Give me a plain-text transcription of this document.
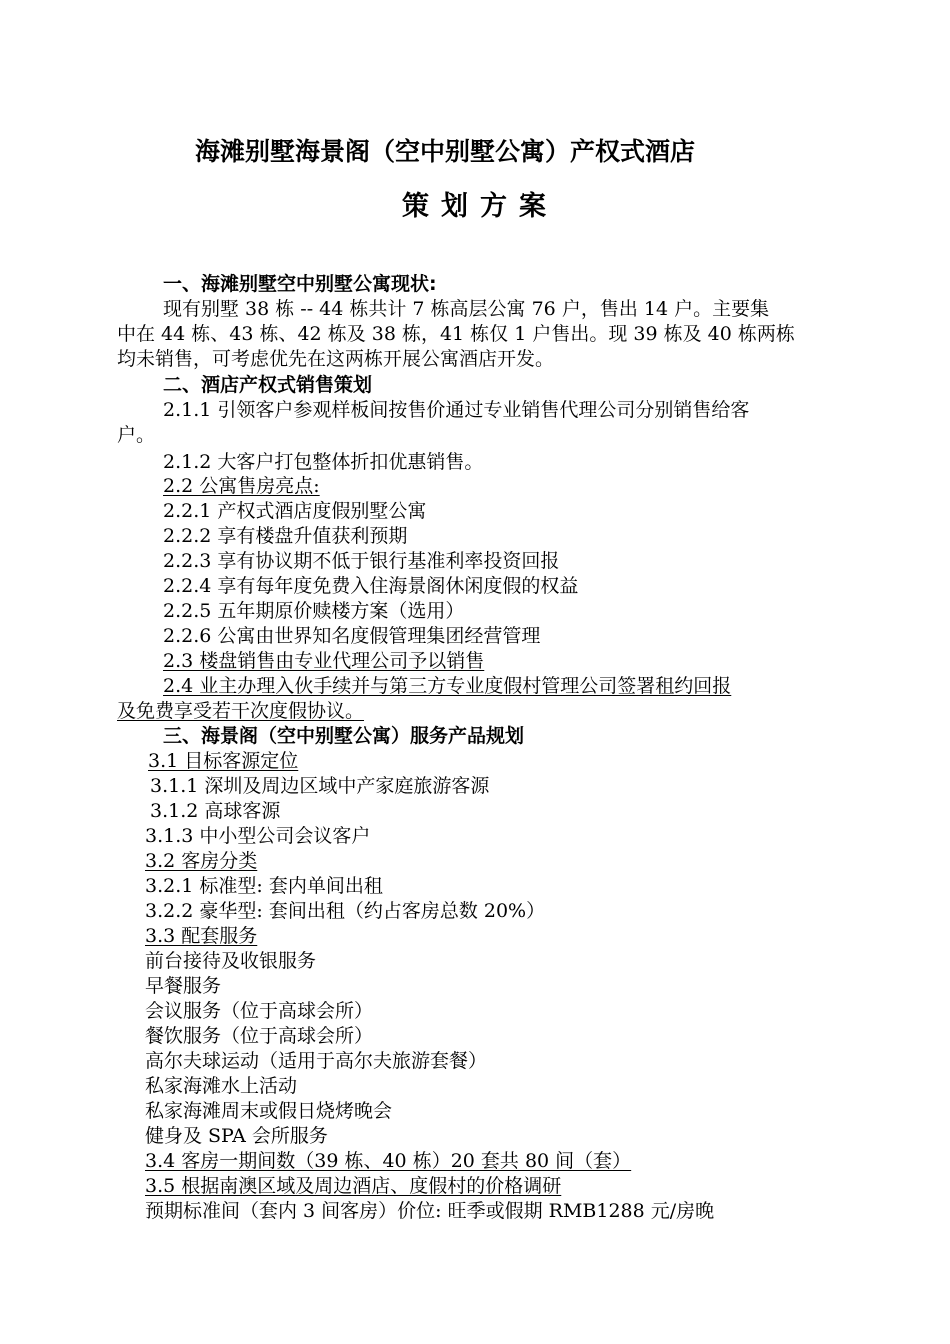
海滩别墅海景阁（空中别墅公寓）产权式酒店
策划方案
一、海滩别墅空中别墅公寓现状:
现有别墅 38 栋 -- 44 栋共计 7 栋高层公寓 76 户，售出 14 户。主要集
中在 44 栋、43 栋、42 栋及 38 栋，41 栋仅 1 户售出。现 39 栋及 40 栋两栋
均未销售，可考虑优先在这两栋开展公寓酒店开发。
二、酒店产权式销售策划
2.1.1 引领客户参观样板间按售价通过专业销售代理公司分别销售给客
户。
2.1.2 大客户打包整体折扣优惠销售。
2.2 公寓售房亮点:
2.2.1 产权式酒店度假别墅公寓
2.2.2 享有楼盘升值获利预期
2.2.3 享有协议期不低于银行基准利率投资回报
2.2.4 享有每年度免费入住海景阁休闲度假的权益
2.2.5 五年期原价赎楼方案（选用）
2.2.6 公寓由世界知名度假管理集团经营管理
2.3 楼盘销售由专业代理公司予以销售
2.4 业主办理入伙手续并与第三方专业度假村管理公司签署租约回报
及免费享受若干次度假协议。
三、海景阁（空中别墅公寓）服务产品规划
3.1 目标客源定位
3.1.1 深圳及周边区域中产家庭旅游客源
3.1.2 高球客源
3.1.3 中小型公司会议客户
3.2 客房分类
3.2.1 标准型: 套内单间出租
3.2.2 豪华型: 套间出租（约占客房总数 20%）
3.3 配套服务
前台接待及收银服务
早餐服务
会议服务（位于高球会所）
餐饮服务（位于高球会所）
高尔夫球运动（适用于高尔夫旅游套餐）
私家海滩水上活动
私家海滩周末或假日烧烤晚会
健身及 SPA 会所服务
3.4 客房一期间数（39 栋、40 栋）20 套共 80 间（套）
3.5 根据南澳区域及周边酒店、度假村的价格调研
预期标准间（套内 3 间客房）价位: 旺季或假期 RMB1288 元/房晚
